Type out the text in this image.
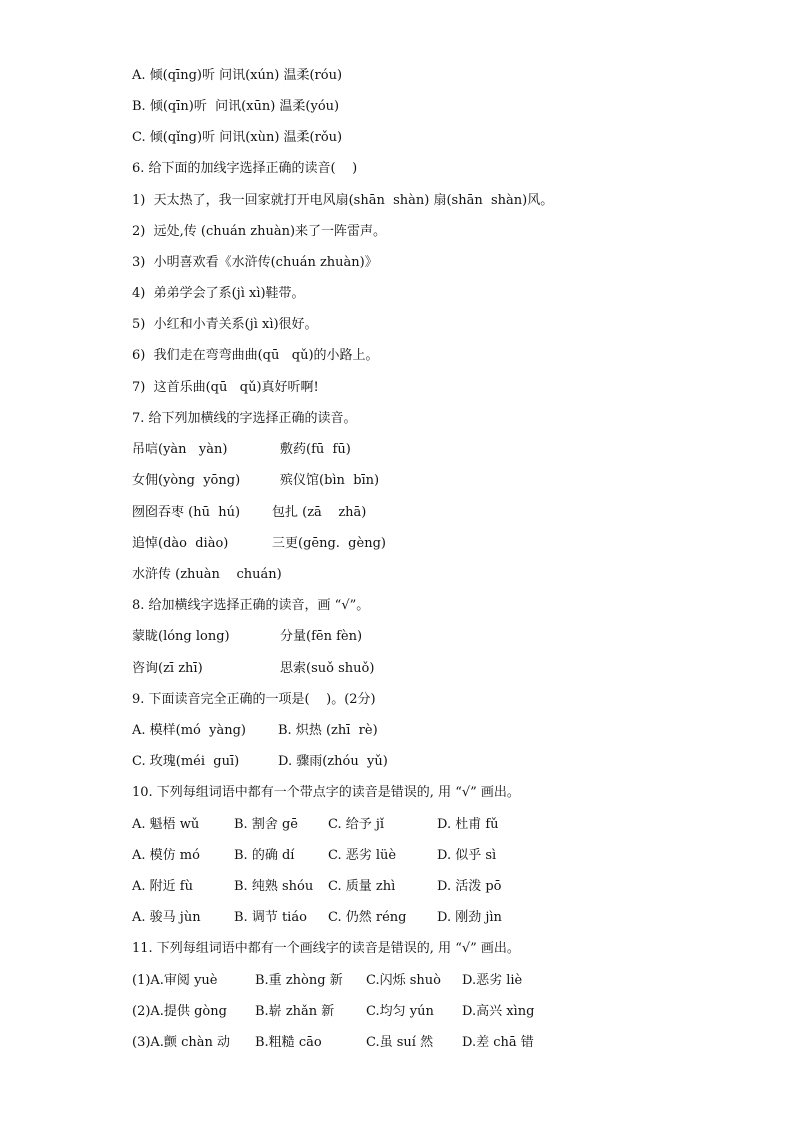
A. 倾(qīng)听 问讯(xún) 温柔(róu)
B. 倾(qīn)听  问讯(xūn) 温柔(yóu)
C. 倾(qǐng)听 问讯(xùn) 温柔(rǒu)
6. 给下面的加线字选择正确的读音(    )
1)  天太热了，我一回家就打开电风扇(shān  shàn) 扇(shān  shàn)风。
2)  远处,传 (chuán zhuàn)来了一阵雷声。
3)  小明喜欢看《水浒传(chuán zhuàn)》
4)  弟弟学会了系(jì xì)鞋带。
5)  小红和小青关系(jì xì)很好。
6)  我们走在弯弯曲曲(qū   qǔ)的小路上。
7)  这首乐曲(qū   qǔ)真好听啊!
7. 给下列加横线的字选择正确的读音。
吊唁(yàn   yàn)	敷药(fū  fū)
女佣(yòng  yōng)	殡仪馆(bìn  bīn)
囫囵吞枣 (hū  hú) 包扎 (zā    zhā)
追悼(dào  diào)	三更(gēng.  gèng)
水浒传 (zhuàn    chuán)
8. 给加横线字选择正确的读音，画 “√”。
蒙眬(lóng long)	分量(fēn fèn)
咨询(zī zhī)	思索(suǒ shuǒ)
9. 下面读音完全正确的一项是(    )。(2分)
A. 模样(mó  yàng) B. 炽热 (zhī  rè)
C. 玫瑰(méi  guī)	D. 骤雨(zhóu  yǔ)
10. 下列每组词语中都有一个带点字的读音是错误的, 用 “√” 画出。
A. 魁梧 wǔ	B. 割舍 gē C. 给予 jǐ	D. 杜甫 fǔ
A. 模仿 mó	B. 的确 dí	C. 恶劣 lüè	D. 似乎 sì
A. 附近 fù	B. 纯熟 shóu C. 质量 zhì	D. 活泼 pō
A. 骏马 jùn	B. 调节 tiáo C. 仍然 réng D. 刚劲 jìn
11. 下列每组词语中都有一个画线字的读音是错误的, 用 “√” 画出。
(1)A.审阅 yuè	B.重 zhòng 新 C.闪烁 shuò D.恶劣 liè
(2)A.提供 gòng B.崭 zhǎn 新 C.均匀 yún D.高兴 xìng
(3)A.颤 chàn 动 B.粗糙 cāo	C.虽 suí 然 D.差 chā 错
